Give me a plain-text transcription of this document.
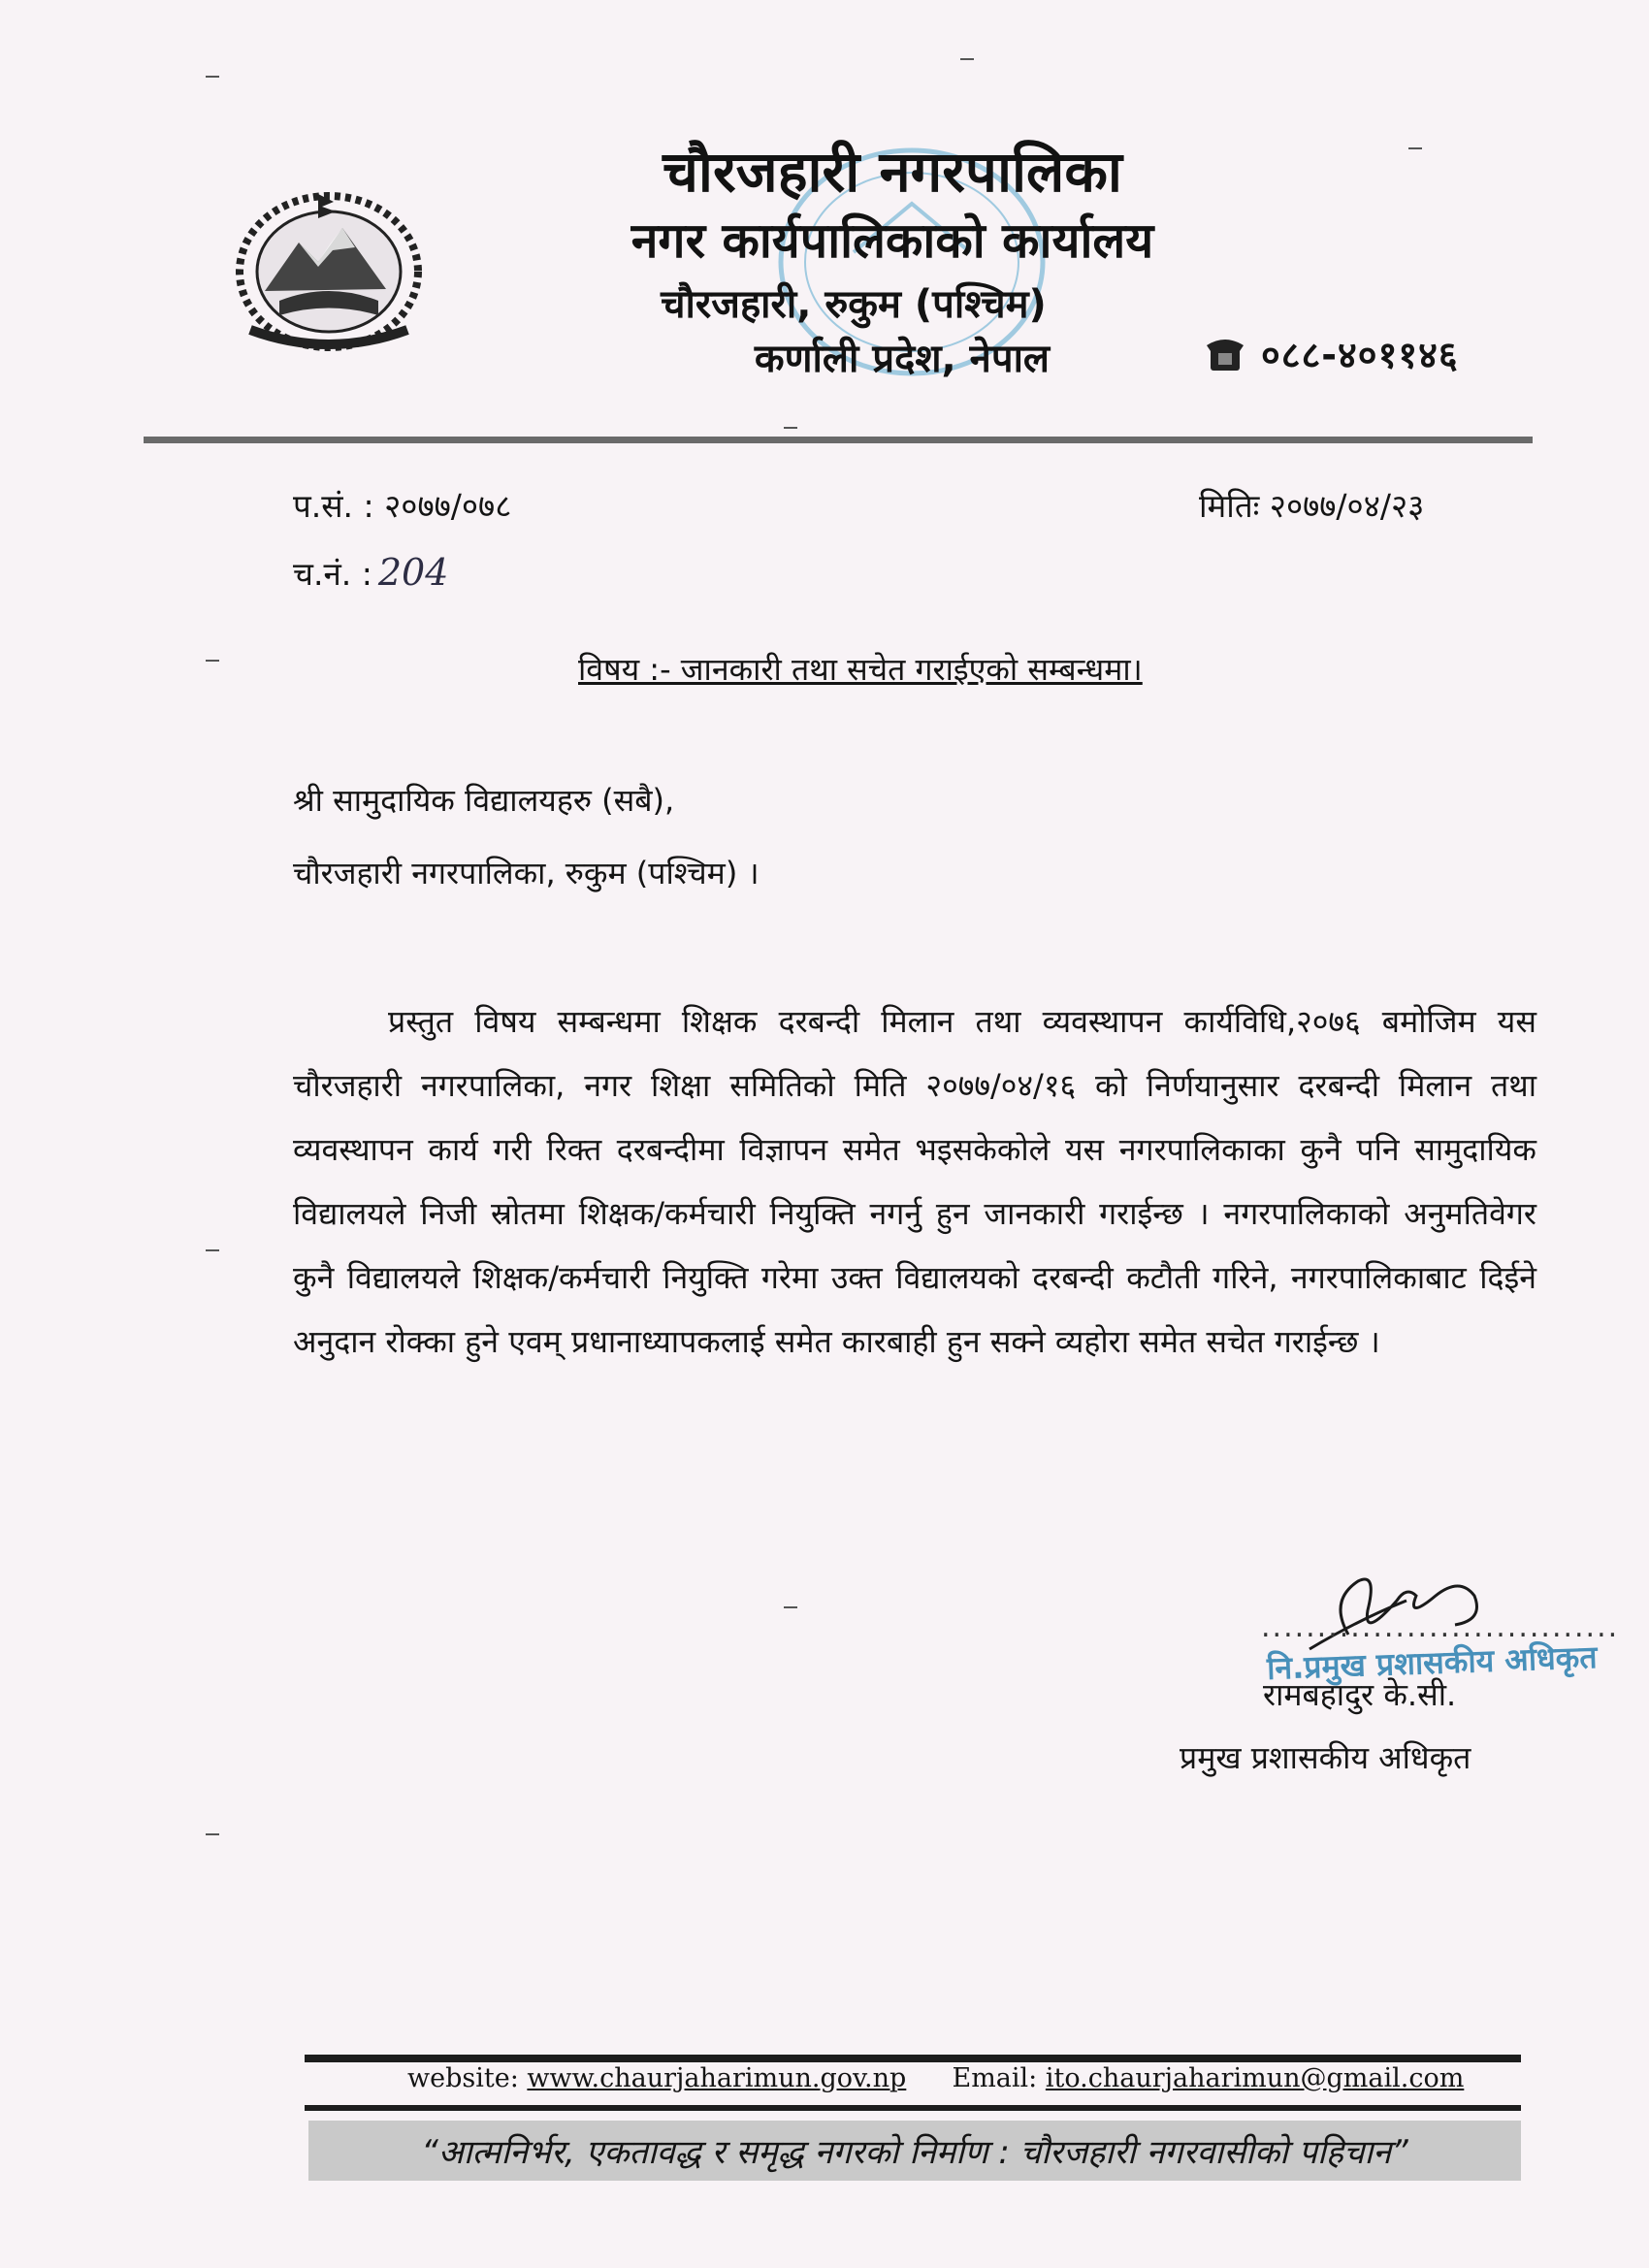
चौरजहारी नगरपालिका
नगर कार्यपालिकाको कार्यालय
चौरजहारी, रुकुम (पश्चिम)
कर्णाली प्रदेश, नेपाल	०८८-४०११४६
प.सं. : २०७७/०७८
च.नं. : 204
मितिः २०७७/०४/२३
विषय :- जानकारी तथा सचेत गराईएको सम्बन्धमा।
श्री सामुदायिक विद्यालयहरु (सबै),
चौरजहारी नगरपालिका, रुकुम (पश्चिम) ।
प्रस्तुत विषय सम्बन्धमा शिक्षक दरबन्दी मिलान तथा व्यवस्थापन कार्यविधि,२०७६ बमोजिम यस चौरजहारी नगरपालिका, नगर शिक्षा समितिको मिति २०७७/०४/१६ को निर्णयानुसार दरबन्दी मिलान तथा व्यवस्थापन कार्य गरी रिक्त दरबन्दीमा विज्ञापन समेत भइसकेकोले यस नगरपालिकाका कुनै पनि सामुदायिक विद्यालयले निजी स्रोतमा शिक्षक/कर्मचारी नियुक्ति नगर्नु हुन जानकारी गराईन्छ । नगरपालिकाको अनुमतिवेगर कुनै विद्यालयले शिक्षक/कर्मचारी नियुक्ति गरेमा उक्त विद्यालयको दरबन्दी कटौती गरिने, नगरपालिकाबाट दिईने अनुदान रोक्का हुने एवम् प्रधानाध्यापकलाई समेत कारबाही हुन सक्ने व्यहोरा समेत सचेत गराईन्छ ।
................................
नि.प्रमुख प्रशासकीय अधिकृत
रामबहादुर के.सी.
प्रमुख प्रशासकीय अधिकृत
website: www.chaurjaharimun.gov.np Email: ito.chaurjaharimun@gmail.com
“आत्मनिर्भर, एकतावद्ध र समृद्ध नगरको निर्माण : चौरजहारी नगरवासीको पहिचान”
